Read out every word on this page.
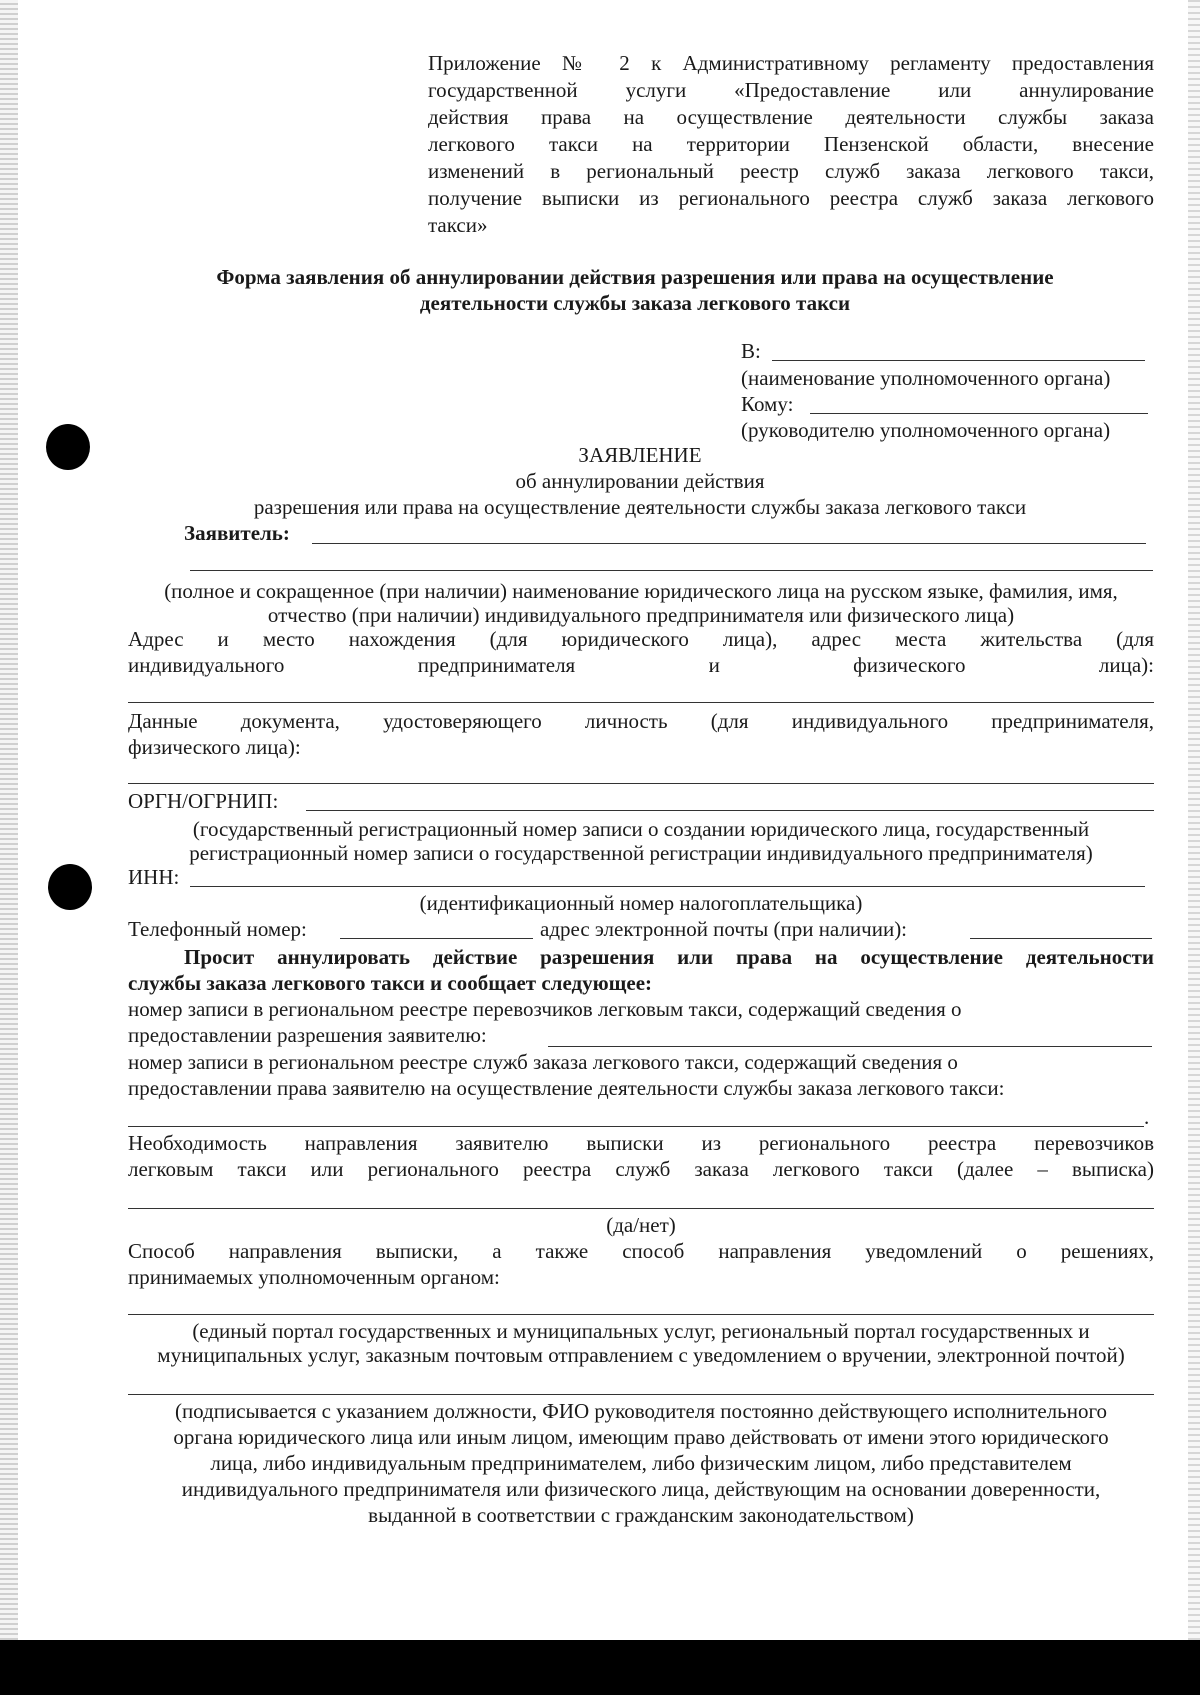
Приложение № 2 к Административному регламенту предоставления
государственной услуги «Предоставление или аннулирование
действия права на осуществление деятельности службы заказа
легкового такси на территории Пензенской области, внесение
изменений в региональный реестр служб заказа легкового такси,
получение выписки из регионального реестра служб заказа легкового
такси»
Форма заявления об аннулировании действия разрешения или права на осуществление
деятельности службы заказа легкового такси
В:
(наименование уполномоченного органа)
Кому:
(руководителю уполномоченного органа)
ЗАЯВЛЕНИЕ
об аннулировании действия
разрешения или права на осуществление деятельности службы заказа легкового такси
Заявитель:
(полное и сокращенное (при наличии) наименование юридического лица на русском языке, фамилия, имя,
отчество (при наличии) индивидуального предпринимателя или физического лица)
Адрес и место нахождения (для юридического лица), адрес места жительства (для
индивидуального предпринимателя и физического лица):
Данные документа, удостоверяющего личность (для индивидуального предпринимателя,
физического лица):
ОРГН/ОГРНИП:
(государственный регистрационный номер записи о создании юридического лица, государственный
регистрационный номер записи о государственной регистрации индивидуального предпринимателя)
ИНН:
(идентификационный номер налогоплательщика)
Телефонный номер:	адрес электронной почты (при наличии):
Просит аннулировать действие разрешения или права на осуществление деятельности
службы заказа легкового такси и сообщает следующее:
номер записи в региональном реестре перевозчиков легковым такси, содержащий сведения о
предоставлении разрешения заявителю:
номер записи в региональном реестре служб заказа легкового такси, содержащий сведения о
предоставлении права заявителю на осуществление деятельности службы заказа легкового такси:
.
Необходимость направления заявителю выписки из регионального реестра перевозчиков
легковым такси или регионального реестра служб заказа легкового такси (далее – выписка)
(да/нет)
Способ направления выписки, а также способ направления уведомлений о решениях,
принимаемых уполномоченным органом:
(единый портал государственных и муниципальных услуг, региональный портал государственных и
муниципальных услуг, заказным почтовым отправлением с уведомлением о вручении, электронной почтой)
(подписывается с указанием должности, ФИО руководителя постоянно действующего исполнительного
органа юридического лица или иным лицом, имеющим право действовать от имени этого юридического
лица, либо индивидуальным предпринимателем, либо физическим лицом, либо представителем
индивидуального предпринимателя или физического лица, действующим на основании доверенности,
выданной в соответствии с гражданским законодательством)
